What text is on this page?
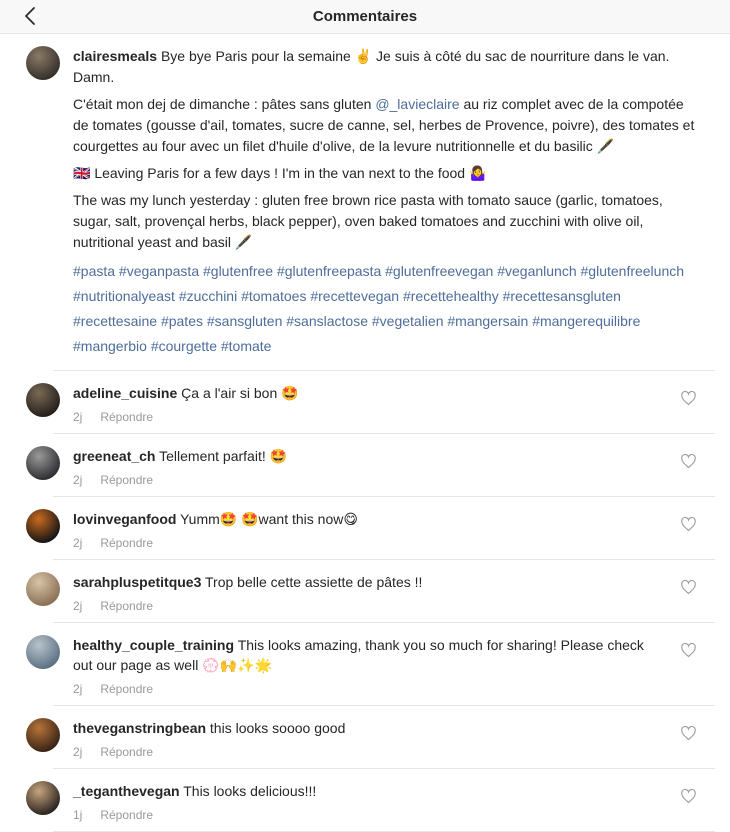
Commentaires

clairesmeals Bye bye Paris pour la semaine ✌️ Je suis à côté du sac de nourriture dans le van. Damn.

C'était mon dej de dimanche : pâtes sans gluten @_lavieclaire au riz complet avec de la compotée de tomates (gousse d'ail, tomates, sucre de canne, sel, herbes de Provence, poivre), des tomates et courgettes au four avec un filet d'huile d'olive, de la levure nutritionnelle et du basilic 🖋️

🇬🇧 Leaving Paris for a few days ! I'm in the van next to the food 🤷‍♀️

The was my lunch yesterday : gluten free brown rice pasta with tomato sauce (garlic, tomatoes, sugar, salt, provençal herbs, black pepper), oven baked tomatoes and zucchini with olive oil, nutritional yeast and basil 🖋️

#pasta #veganpasta #glutenfree #glutenfreepasta #glutenfreevegan #veganlunch #glutenfreelunch #nutritionalyeast #zucchini #tomatoes #recettevegan #recettehealthy #recettesansgluten #recettesaine #pates #sansgluten #sanslactose #vegetalien #mangersain #mangerequilibre #mangerbio #courgette #tomate

adeline_cuisine Ça a l'air si bon 🤩

2j Répondre

greeneat_ch Tellement parfait! 🤩

2j Répondre

lovinveganfood Yumm🤩 🤩want this now😋

2j Répondre

sarahpluspetitque3 Trop belle cette assiette de pâtes !!

2j Répondre

healthy_couple_training This looks amazing, thank you so much for sharing! Please check out our page as well 💮🙌✨🌟

2j Répondre

theveganstringbean this looks soooo good

2j Répondre

_teganthevegan This looks delicious!!!

1j Répondre
